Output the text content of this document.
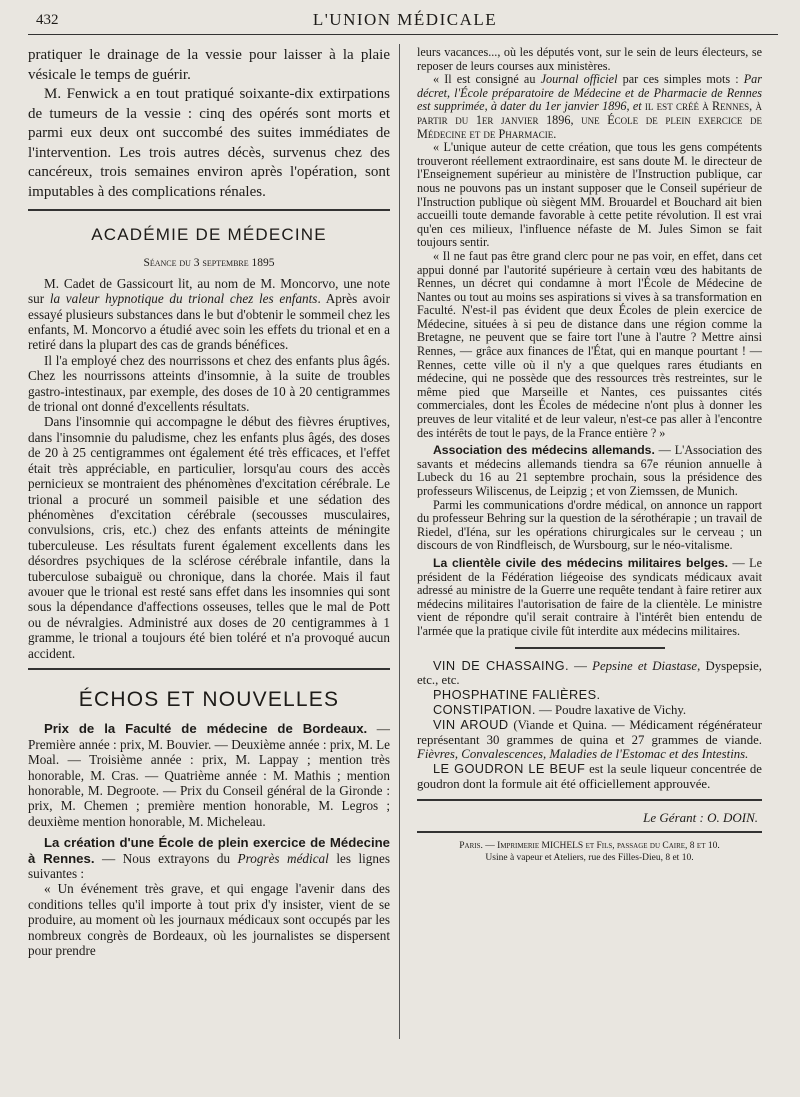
432	L'UNION MÉDICALE

pratiquer le drainage de la vessie pour laisser à la plaie vésicale le temps de guérir.

M. Fenwick a en tout pratiqué soixante-dix extirpations de tumeurs de la vessie : cinq des opérés sont morts et parmi eux deux ont succombé des suites immédiates de l'intervention. Les trois autres décès, survenus chez des cancéreux, trois semaines environ après l'opération, sont imputables à des complications rénales.

ACADÉMIE DE MÉDECINE
Séance du 3 septembre 1895

M. Cadet de Gassicourt lit, au nom de M. Moncorvo, une note sur la valeur hypnotique du trional chez les enfants. Après avoir essayé plusieurs substances dans le but d'obtenir le sommeil chez les enfants, M. Moncorvo a étudié avec soin les effets du trional et en a retiré dans la plupart des cas de grands bénéfices.

Il l'a employé chez des nourrissons et chez des enfants plus âgés. Chez les nourrissons atteints d'insomnie, à la suite de troubles gastro-intestinaux, par exemple, des doses de 10 à 20 centigrammes de trional ont donné d'excellents résultats.

Dans l'insomnie qui accompagne le début des fièvres éruptives, dans l'insomnie du paludisme, chez les enfants plus âgés, des doses de 20 à 25 centigrammes ont également été très efficaces, et l'effet était très appréciable, en particulier, lorsqu'au cours des accès pernicieux se montraient des phénomènes d'excitation cérébrale. Le trional a procuré un sommeil paisible et une sédation des phénomènes d'excitation cérébrale (secousses musculaires, convulsions, cris, etc.) chez des enfants atteints de méningite tuberculeuse. Les résultats furent également excellents dans les désordres psychiques de la sclérose cérébrale infantile, dans la tuberculose subaiguë ou chronique, dans la chorée. Mais il faut avouer que le trional est resté sans effet dans les insomnies qui sont sous la dépendance d'affections osseuses, telles que le mal de Pott ou de névralgies. Administré aux doses de 20 centigrammes à 1 gramme, le trional a toujours été bien toléré et n'a provoqué aucun accident.

ÉCHOS ET NOUVELLES

Prix de la Faculté de médecine de Bordeaux. — Première année : prix, M. Bouvier. — Deuxième année : prix, M. Le Moal. — Troisième année : prix, M. Lappay ; mention très honorable, M. Cras. — Quatrième année : M. Mathis ; mention honorable, M. Degroote. — Prix du Conseil général de la Gironde : prix, M. Chemen ; première mention honorable, M. Legros ; deuxième mention honorable, M. Micheleau.

La création d'une École de plein exercice de Médecine à Rennes. — Nous extrayons du Progrès médical les lignes suivantes :

« Un événement très grave, et qui engage l'avenir dans des conditions telles qu'il importe à tout prix d'y insister, vient de se produire, au moment où les journaux médicaux sont occupés par les nombreux congrès de Bordeaux, où les journalistes se dispersent pour prendre

leurs vacances..., où les députés vont, sur le sein de leurs électeurs, se reposer de leurs courses aux ministères.

« Il est consigné au Journal officiel par ces simples mots : Par décret, l'École préparatoire de Médecine et de Pharmacie de Rennes est supprimée, à dater du 1er janvier 1896, et il est créé à Rennes, à partir du 1er janvier 1896, une École de plein exercice de Médecine et de Pharmacie.

« L'unique auteur de cette création, que tous les gens compétents trouveront réellement extraordinaire, est sans doute M. le directeur de l'Enseignement supérieur au ministère de l'Instruction publique, car nous ne pouvons pas un instant supposer que le Conseil supérieur de l'Instruction publique où siègent MM. Brouardel et Bouchard ait bien accueilli toute demande favorable à cette petite révolution. Il est vrai qu'en ces milieux, l'influence néfaste de M. Jules Simon se fait toujours sentir.

« Il ne faut pas être grand clerc pour ne pas voir, en effet, dans cet appui donné par l'autorité supérieure à certain vœu des habitants de Rennes, un décret qui condamne à mort l'École de Médecine de Nantes ou tout au moins ses aspirations si vives à sa transformation en Faculté. N'est-il pas évident que deux Écoles de plein exercice de Médecine, situées à si peu de distance dans une région comme la Bretagne, ne peuvent que se faire tort l'une à l'autre ? Mettre ainsi Rennes, — grâce aux finances de l'État, qui en manque pourtant ! — Rennes, cette ville où il n'y a que quelques rares étudiants en médecine, qui ne possède que des ressources très restreintes, sur le même pied que Marseille et Nantes, ces puissantes cités commerciales, dont les Écoles de médecine n'ont plus à donner les preuves de leur vitalité et de leur valeur, n'est-ce pas aller à l'encontre des intérêts de tout le pays, de la France entière ? »

Association des médecins allemands. — L'Association des savants et médecins allemands tiendra sa 67e réunion annuelle à Lubeck du 16 au 21 septembre prochain, sous la présidence des professeurs Wiliscenus, de Leipzig ; et von Ziemssen, de Munich.

Parmi les communications d'ordre médical, on annonce un rapport du professeur Behring sur la question de la sérothérapie ; un travail de Riedel, d'Iéna, sur les opérations chirurgicales sur le cerveau ; un discours de von Rindfleisch, de Wursbourg, sur le néo-vitalisme.

La clientèle civile des médecins militaires belges. — Le président de la Fédération liégeoise des syndicats médicaux avait adressé au ministre de la Guerre une requête tendant à faire retirer aux médecins militaires l'autorisation de faire de la clientèle. Le ministre vient de répondre qu'il serait contraire à l'intérêt bien entendu de l'armée que la pratique civile fût interdite aux médecins militaires.

VIN DE CHASSAING. — Pepsine et Diastase, Dyspepsie, etc., etc.

PHOSPHATINE FALIÈRES.

CONSTIPATION. — Poudre laxative de Vichy.

VIN AROUD (Viande et Quina. — Médicament régénérateur représentant 30 grammes de quina et 27 grammes de viande. Fièvres, Convalescences, Maladies de l'Estomac et des Intestins.

LE GOUDRON LE BEUF est la seule liqueur concentrée de goudron dont la formule ait été officiellement approuvée.

Le Gérant : O. DOIN.
Paris. — Imprimerie MICHELS et Fils, passage du Caire, 8 et 10.
Usine à vapeur et Ateliers, rue des Filles-Dieu, 8 et 10.
